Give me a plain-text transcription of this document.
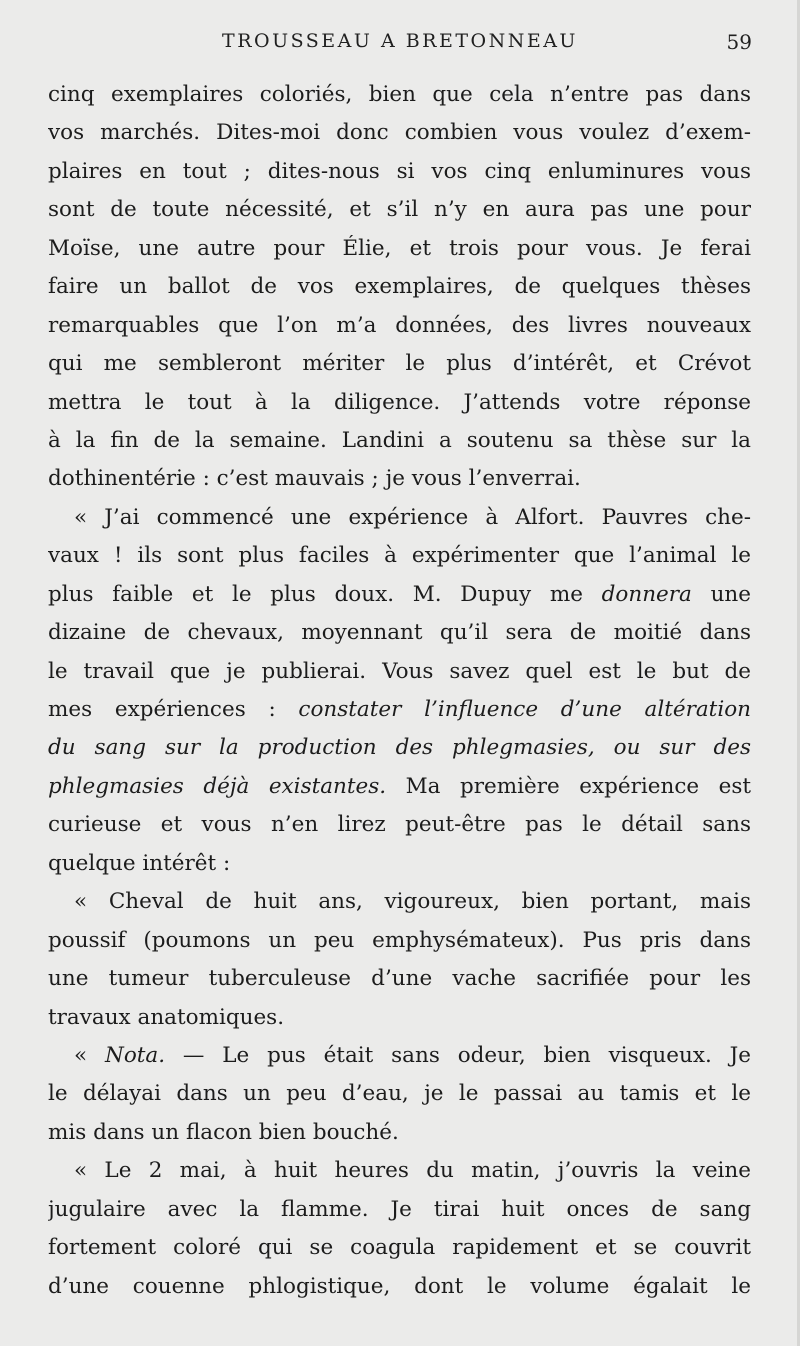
TROUSSEAU A BRETONNEAU	59
cinq exemplaires coloriés, bien que cela n’entre pas dans
vos marchés. Dites-moi donc combien vous voulez d’exem-
plaires en tout ; dites-nous si vos cinq enluminures vous
sont de toute nécessité, et s’il n’y en aura pas une pour
Moïse, une autre pour Élie, et trois pour vous. Je ferai
faire un ballot de vos exemplaires, de quelques thèses
remarquables que l’on m’a données, des livres nouveaux
qui me sembleront mériter le plus d’intérêt, et Crévot
mettra le tout à la diligence. J’attends votre réponse
à la fin de la semaine. Landini a soutenu sa thèse sur la
dothinentérie : c’est mauvais ; je vous l’enverrai.
« J’ai commencé une expérience à Alfort. Pauvres che-
vaux ! ils sont plus faciles à expérimenter que l’animal le
plus faible et le plus doux. M. Dupuy me donnera une
dizaine de chevaux, moyennant qu’il sera de moitié dans
le travail que je publierai. Vous savez quel est le but de
mes expériences : constater l’influence d’une altération
du sang sur la production des phlegmasies, ou sur des
phlegmasies déjà existantes. Ma première expérience est
curieuse et vous n’en lirez peut-être pas le détail sans
quelque intérêt :
« Cheval de huit ans, vigoureux, bien portant, mais
poussif (poumons un peu emphysémateux). Pus pris dans
une tumeur tuberculeuse d’une vache sacrifiée pour les
travaux anatomiques.
« Nota. — Le pus était sans odeur, bien visqueux. Je
le délayai dans un peu d’eau, je le passai au tamis et le
mis dans un flacon bien bouché.
« Le 2 mai, à huit heures du matin, j’ouvris la veine
jugulaire avec la flamme. Je tirai huit onces de sang
fortement coloré qui se coagula rapidement et se couvrit
d’une couenne phlogistique, dont le volume égalait le
